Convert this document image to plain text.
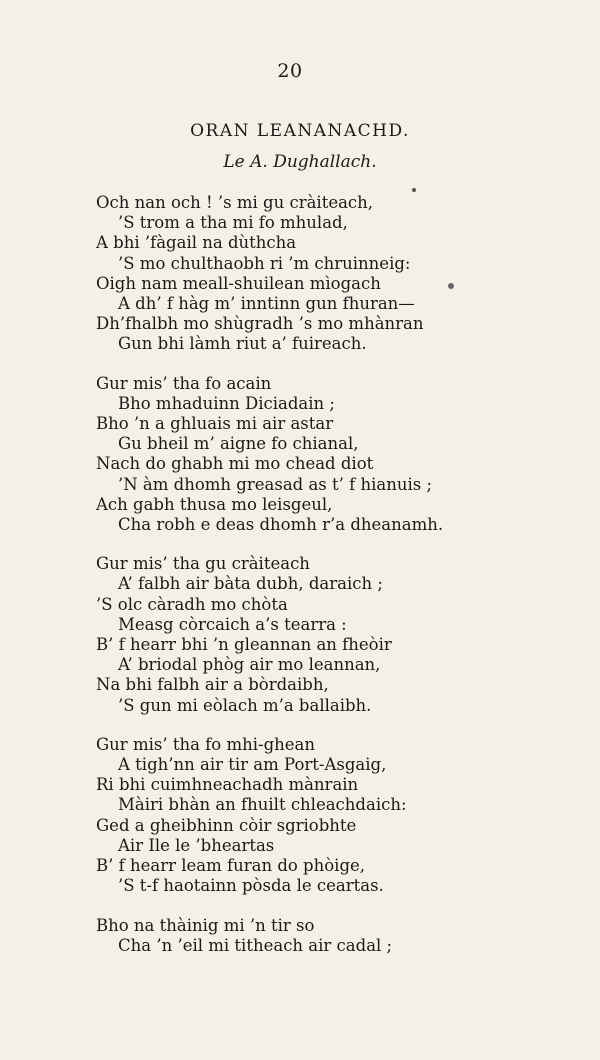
20
ORAN LEANANACHD.
Le A. Dughallach.
Och nan och ! ’s mi gu cràiteach,
’S trom a tha mi fo mhulad,
A bhi ’fàgail na dùthcha
’S mo chulthaobh ri ’m chruinneig:
Oigh nam meall-shuilean mìogach
A dh’ f hàg m’ inntinn gun fhuran—
Dh’fhalbh mo shùgradh ’s mo mhànran
Gun bhi làmh riut a’ fuireach.
Gur mis’ tha fo acain
Bho mhaduinn Diciadain ;
Bho ’n a ghluais mi air astar
Gu bheil m’ aigne fo chianal,
Nach do ghabh mi mo chead diot
’N àm dhomh greasad as t’ f hianuis ;
Ach gabh thusa mo leisgeul,
Cha robh e deas dhomh r’a dheanamh.
Gur mis’ tha gu cràiteach
A’ falbh air bàta dubh, daraich ;
’S olc càradh mo chòta
Measg còrcaich a’s tearra :
B’ f hearr bhi ’n gleannan an fheòir
A’ briodal phòg air mo leannan,
Na bhi falbh air a bòrdaibh,
’S gun mi eòlach m’a ballaibh.
Gur mis’ tha fo mhi-ghean
A tigh’nn air tir am Port-Asgaig,
Ri bhi cuimhneachadh mànrain
Màiri bhàn an fhuilt chleachdaich:
Ged a gheibhinn còir sgriobhte
Air Ile le ’bheartas
B’ f hearr leam furan do phòige,
’S t-f haotainn pòsda le ceartas.
Bho na thàinig mi ’n tir so
Cha ’n ’eil mi titheach air cadal ;
